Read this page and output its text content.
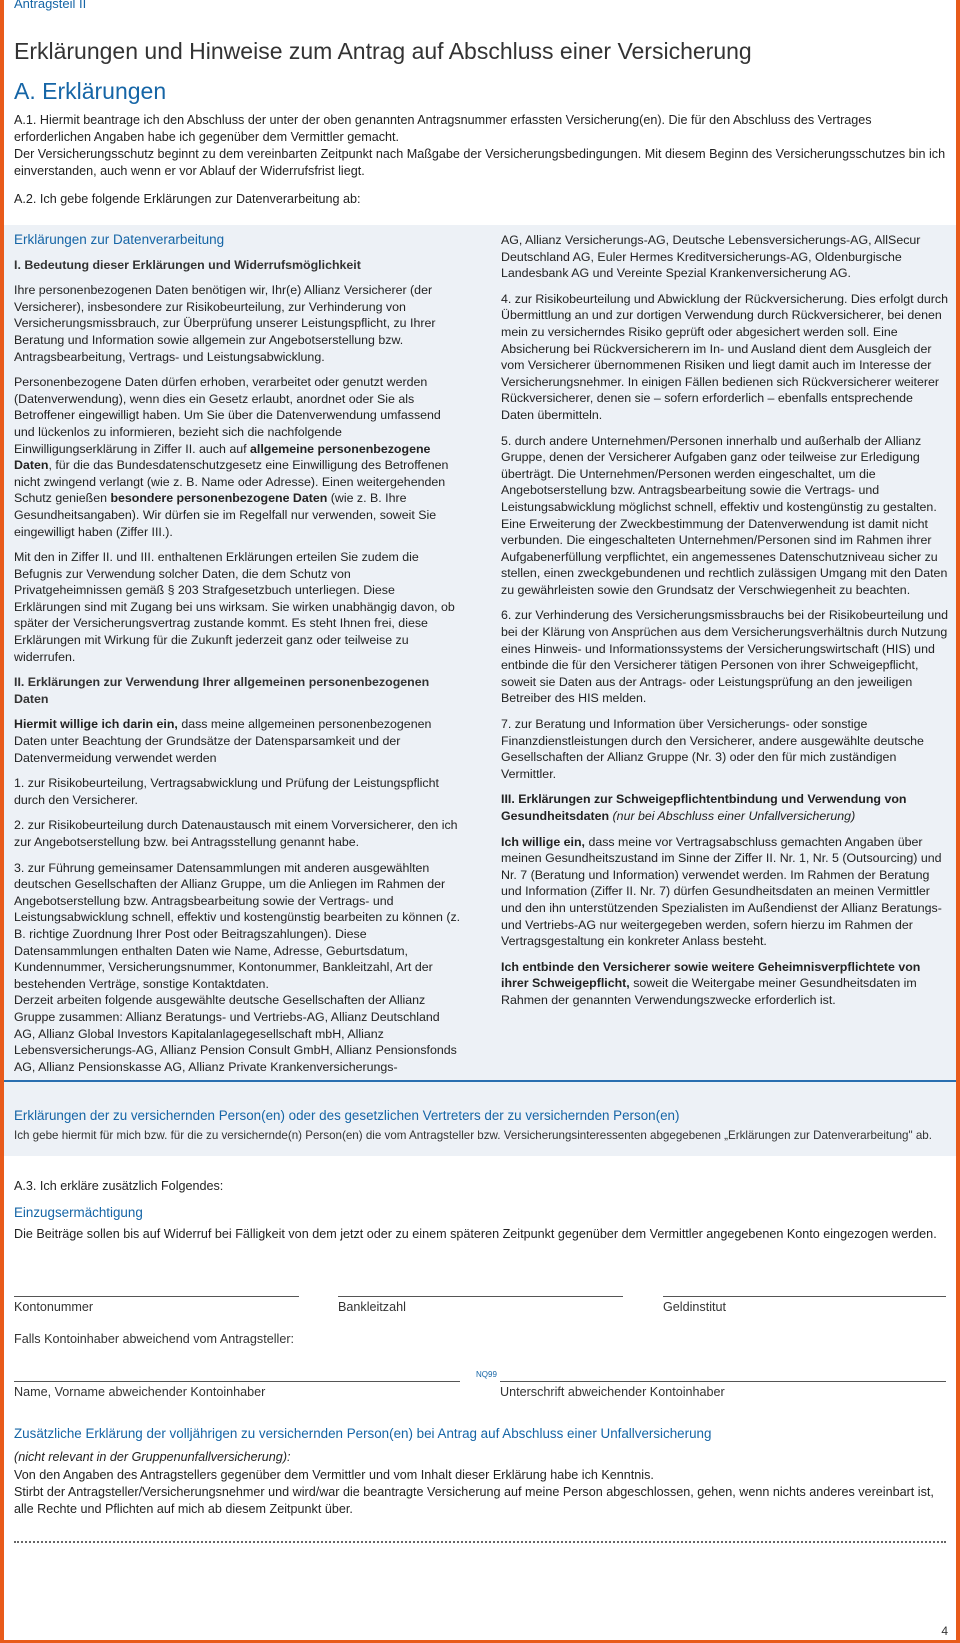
Antragsteil II
Erklärungen und Hinweise zum Antrag auf Abschluss einer Versicherung
A. Erklärungen
A.1. Hiermit beantrage ich den Abschluss der unter der oben genannten Antragsnummer erfassten Versicherung(en). Die für den Abschluss des Vertrages erforderlichen Angaben habe ich gegenüber dem Vermittler gemacht.
Der Versicherungsschutz beginnt zu dem vereinbarten Zeitpunkt nach Maßgabe der Versicherungsbedingungen. Mit diesem Beginn des Versicherungsschutzes bin ich einverstanden, auch wenn er vor Ablauf der Widerrufsfrist liegt.
A.2. Ich gebe folgende Erklärungen zur Datenverarbeitung ab:

Erklärungen zur Datenverarbeitung

I. Bedeutung dieser Erklärungen und Widerrufsmöglichkeit

Ihre personenbezogenen Daten benötigen wir, Ihr(e) Allianz Versicherer (der Versicherer), insbesondere zur Risikobeurteilung, zur Verhinderung von Versicherungsmissbrauch, zur Überprüfung unserer Leistungspflicht, zu Ihrer Beratung und Information sowie allgemein zur Angebotserstellung bzw. Antragsbearbeitung, Vertrags- und Leistungsabwicklung.

Personenbezogene Daten dürfen erhoben, verarbeitet oder genutzt werden (Datenverwendung), wenn dies ein Gesetz erlaubt, anordnet oder Sie als Betroffener eingewilligt haben. Um Sie über die Datenverwendung umfassend und lückenlos zu informieren, bezieht sich die nachfolgende Einwilligungserklärung in Ziffer II. auch auf allgemeine personenbezogene Daten, für die das Bundesdatenschutzgesetz eine Einwilligung des Betroffenen nicht zwingend verlangt (wie z. B. Name oder Adresse). Einen weitergehenden Schutz genießen besondere personenbezogene Daten (wie z. B. Ihre Gesundheitsangaben). Wir dürfen sie im Regelfall nur verwenden, soweit Sie eingewilligt haben (Ziffer III.).

Mit den in Ziffer II. und III. enthaltenen Erklärungen erteilen Sie zudem die Befugnis zur Verwendung solcher Daten, die dem Schutz von Privatgeheimnissen gemäß § 203 Strafgesetzbuch unterliegen. Diese Erklärungen sind mit Zugang bei uns wirksam. Sie wirken unabhängig davon, ob später der Versicherungsvertrag zustande kommt. Es steht Ihnen frei, diese Erklärungen mit Wirkung für die Zukunft jederzeit ganz oder teilweise zu widerrufen.

II. Erklärungen zur Verwendung Ihrer allgemeinen personenbezogenen Daten

Hiermit willige ich darin ein, dass meine allgemeinen personenbezogenen Daten unter Beachtung der Grundsätze der Datensparsamkeit und der Datenvermeidung verwendet werden

1. zur Risikobeurteilung, Vertragsabwicklung und Prüfung der Leistungspflicht durch den Versicherer.

2. zur Risikobeurteilung durch Datenaustausch mit einem Vorversicherer, den ich zur Angebotserstellung bzw. bei Antragsstellung genannt habe.

3. zur Führung gemeinsamer Datensammlungen mit anderen ausgewählten deutschen Gesellschaften der Allianz Gruppe, um die Anliegen im Rahmen der Angebotserstellung bzw. Antragsbearbeitung sowie der Vertrags- und Leistungsabwicklung schnell, effektiv und kostengünstig bearbeiten zu können (z. B. richtige Zuordnung Ihrer Post oder Beitragszahlungen). Diese Datensammlungen enthalten Daten wie Name, Adresse, Geburtsdatum, Kundennummer, Versicherungsnummer, Kontonummer, Bankleitzahl, Art der bestehenden Verträge, sonstige Kontaktdaten.

Derzeit arbeiten folgende ausgewählte deutsche Gesellschaften der Allianz Gruppe zusammen: Allianz Beratungs- und Vertriebs-AG, Allianz Deutschland AG, Allianz Global Investors Kapitalanlagegesellschaft mbH, Allianz Lebensversicherungs-AG, Allianz Pension Consult GmbH, Allianz Pensionsfonds AG, Allianz Pensionskasse AG, Allianz Private Krankenversicherungs-

AG, Allianz Versicherungs-AG, Deutsche Lebensversicherungs-AG, AllSecur Deutschland AG, Euler Hermes Kreditversicherungs-AG, Oldenburgische Landesbank AG und Vereinte Spezial Krankenversicherung AG.

4. zur Risikobeurteilung und Abwicklung der Rückversicherung. Dies erfolgt durch Übermittlung an und zur dortigen Verwendung durch Rückversicherer, bei denen mein zu versicherndes Risiko geprüft oder abgesichert werden soll. Eine Absicherung bei Rückversicherern im In- und Ausland dient dem Ausgleich der vom Versicherer übernommenen Risiken und liegt damit auch im Interesse der Versicherungsnehmer. In einigen Fällen bedienen sich Rückversicherer weiterer Rückversicherer, denen sie – sofern erforderlich – ebenfalls entsprechende Daten übermitteln.

5. durch andere Unternehmen/Personen innerhalb und außerhalb der Allianz Gruppe, denen der Versicherer Aufgaben ganz oder teilweise zur Erledigung überträgt. Die Unternehmen/Personen werden eingeschaltet, um die Angebotserstellung bzw. Antragsbearbeitung sowie die Vertrags- und Leistungsabwicklung möglichst schnell, effektiv und kostengünstig zu gestalten. Eine Erweiterung der Zweckbestimmung der Datenverwendung ist damit nicht verbunden. Die eingeschalteten Unternehmen/Personen sind im Rahmen ihrer Aufgabenerfüllung verpflichtet, ein angemessenes Datenschutzniveau sicher zu stellen, einen zweckgebundenen und rechtlich zulässigen Umgang mit den Daten zu gewährleisten sowie den Grundsatz der Verschwiegenheit zu beachten.

6. zur Verhinderung des Versicherungsmissbrauchs bei der Risikobeurteilung und bei der Klärung von Ansprüchen aus dem Versicherungsverhältnis durch Nutzung eines Hinweis- und Informationssystems der Versicherungswirtschaft (HIS) und entbinde die für den Versicherer tätigen Personen von ihrer Schweigepflicht, soweit sie Daten aus der Antrags- oder Leistungsprüfung an den jeweiligen Betreiber des HIS melden.

7. zur Beratung und Information über Versicherungs- oder sonstige Finanzdienstleistungen durch den Versicherer, andere ausgewählte deutsche Gesellschaften der Allianz Gruppe (Nr. 3) oder den für mich zuständigen Vermittler.

III. Erklärungen zur Schweigepflichtentbindung und Verwendung von Gesundheitsdaten (nur bei Abschluss einer Unfallversicherung)

Ich willige ein, dass meine vor Vertragsabschluss gemachten Angaben über meinen Gesundheitszustand im Sinne der Ziffer II. Nr. 1, Nr. 5 (Outsourcing) und Nr. 7 (Beratung und Information) verwendet werden. Im Rahmen der Beratung und Information (Ziffer II. Nr. 7) dürfen Gesundheitsdaten an meinen Vermittler und den ihn unterstützenden Spezialisten im Außendienst der Allianz Beratungs- und Vertriebs-AG nur weitergegeben werden, sofern hierzu im Rahmen der Vertragsgestaltung ein konkreter Anlass besteht.

Ich entbinde den Versicherer sowie weitere Geheimnisverpflichtete von ihrer Schweigepflicht, soweit die Weitergabe meiner Gesundheitsdaten im Rahmen der genannten Verwendungszwecke erforderlich ist.

Erklärungen der zu versichernden Person(en) oder des gesetzlichen Vertreters der zu versichernden Person(en)
Ich gebe hiermit für mich bzw. für die zu versichernde(n) Person(en) die vom Antragsteller bzw. Versicherungsinteressenten abgegebenen „Erklärungen zur Datenverarbeitung" ab.
A.3. Ich erkläre zusätzlich Folgendes:
Einzugsermächtigung
Die Beiträge sollen bis auf Widerruf bei Fälligkeit von dem jetzt oder zu einem späteren Zeitpunkt gegenüber dem Vermittler angegebenen Konto eingezogen werden.
Kontonummer	Bankleitzahl	Geldinstitut
Falls Kontoinhaber abweichend vom Antragsteller:
NQ99
Name, Vorname abweichender Kontoinhaber	Unterschrift abweichender Kontoinhaber
Zusätzliche Erklärung der volljährigen zu versichernden Person(en) bei Antrag auf Abschluss einer Unfallversicherung
(nicht relevant in der Gruppenunfallversicherung):
Von den Angaben des Antragstellers gegenüber dem Vermittler und vom Inhalt dieser Erklärung habe ich Kenntnis.
Stirbt der Antragsteller/Versicherungsnehmer und wird/war die beantragte Versicherung auf meine Person abgeschlossen, gehen, wenn nichts anderes vereinbart ist, alle Rechte und Pflichten auf mich ab diesem Zeitpunkt über.
4
